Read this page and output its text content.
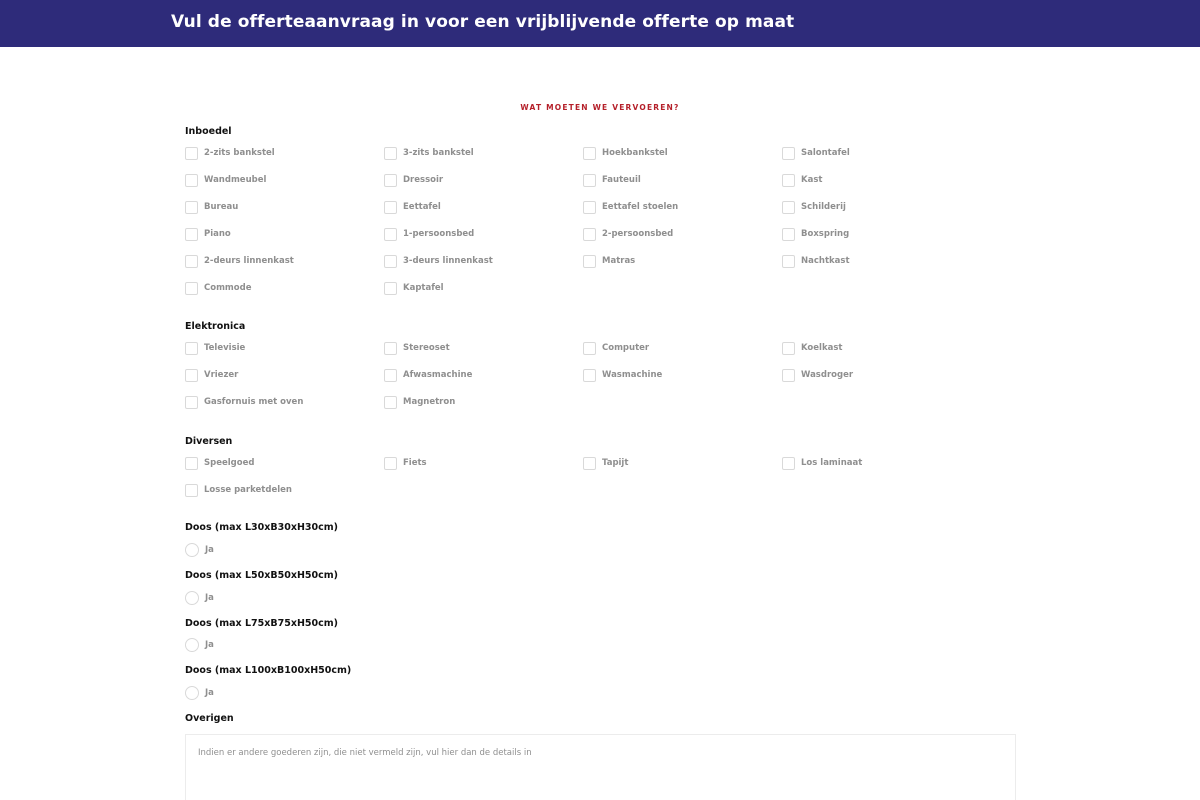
Vul de offerteaanvraag in voor een vrijblijvende offerte op maat
WAT MOETEN WE VERVOEREN?
Inboedel
2-zits bankstel	3-zits bankstel	Hoekbankstel	Salontafel
Wandmeubel	Dressoir	Fauteuil	Kast
Bureau	Eettafel	Eettafel stoelen	Schilderij
Piano	1-persoonsbed	2-persoonsbed	Boxspring
2-deurs linnenkast	3-deurs linnenkast	Matras	Nachtkast
Commode	Kaptafel
Elektronica
Televisie	Stereoset	Computer	Koelkast
Vriezer	Afwasmachine	Wasmachine	Wasdroger
Gasfornuis met oven	Magnetron
Diversen
Speelgoed	Fiets	Tapijt	Los laminaat
Losse parketdelen
Doos (max L30xB30xH30cm)
Ja
Doos (max L50xB50xH50cm)
Ja
Doos (max L75xB75xH50cm)
Ja
Doos (max L100xB100xH50cm)
Ja
Overigen
Indien er andere goederen zijn, die niet vermeld zijn, vul hier dan de details in
